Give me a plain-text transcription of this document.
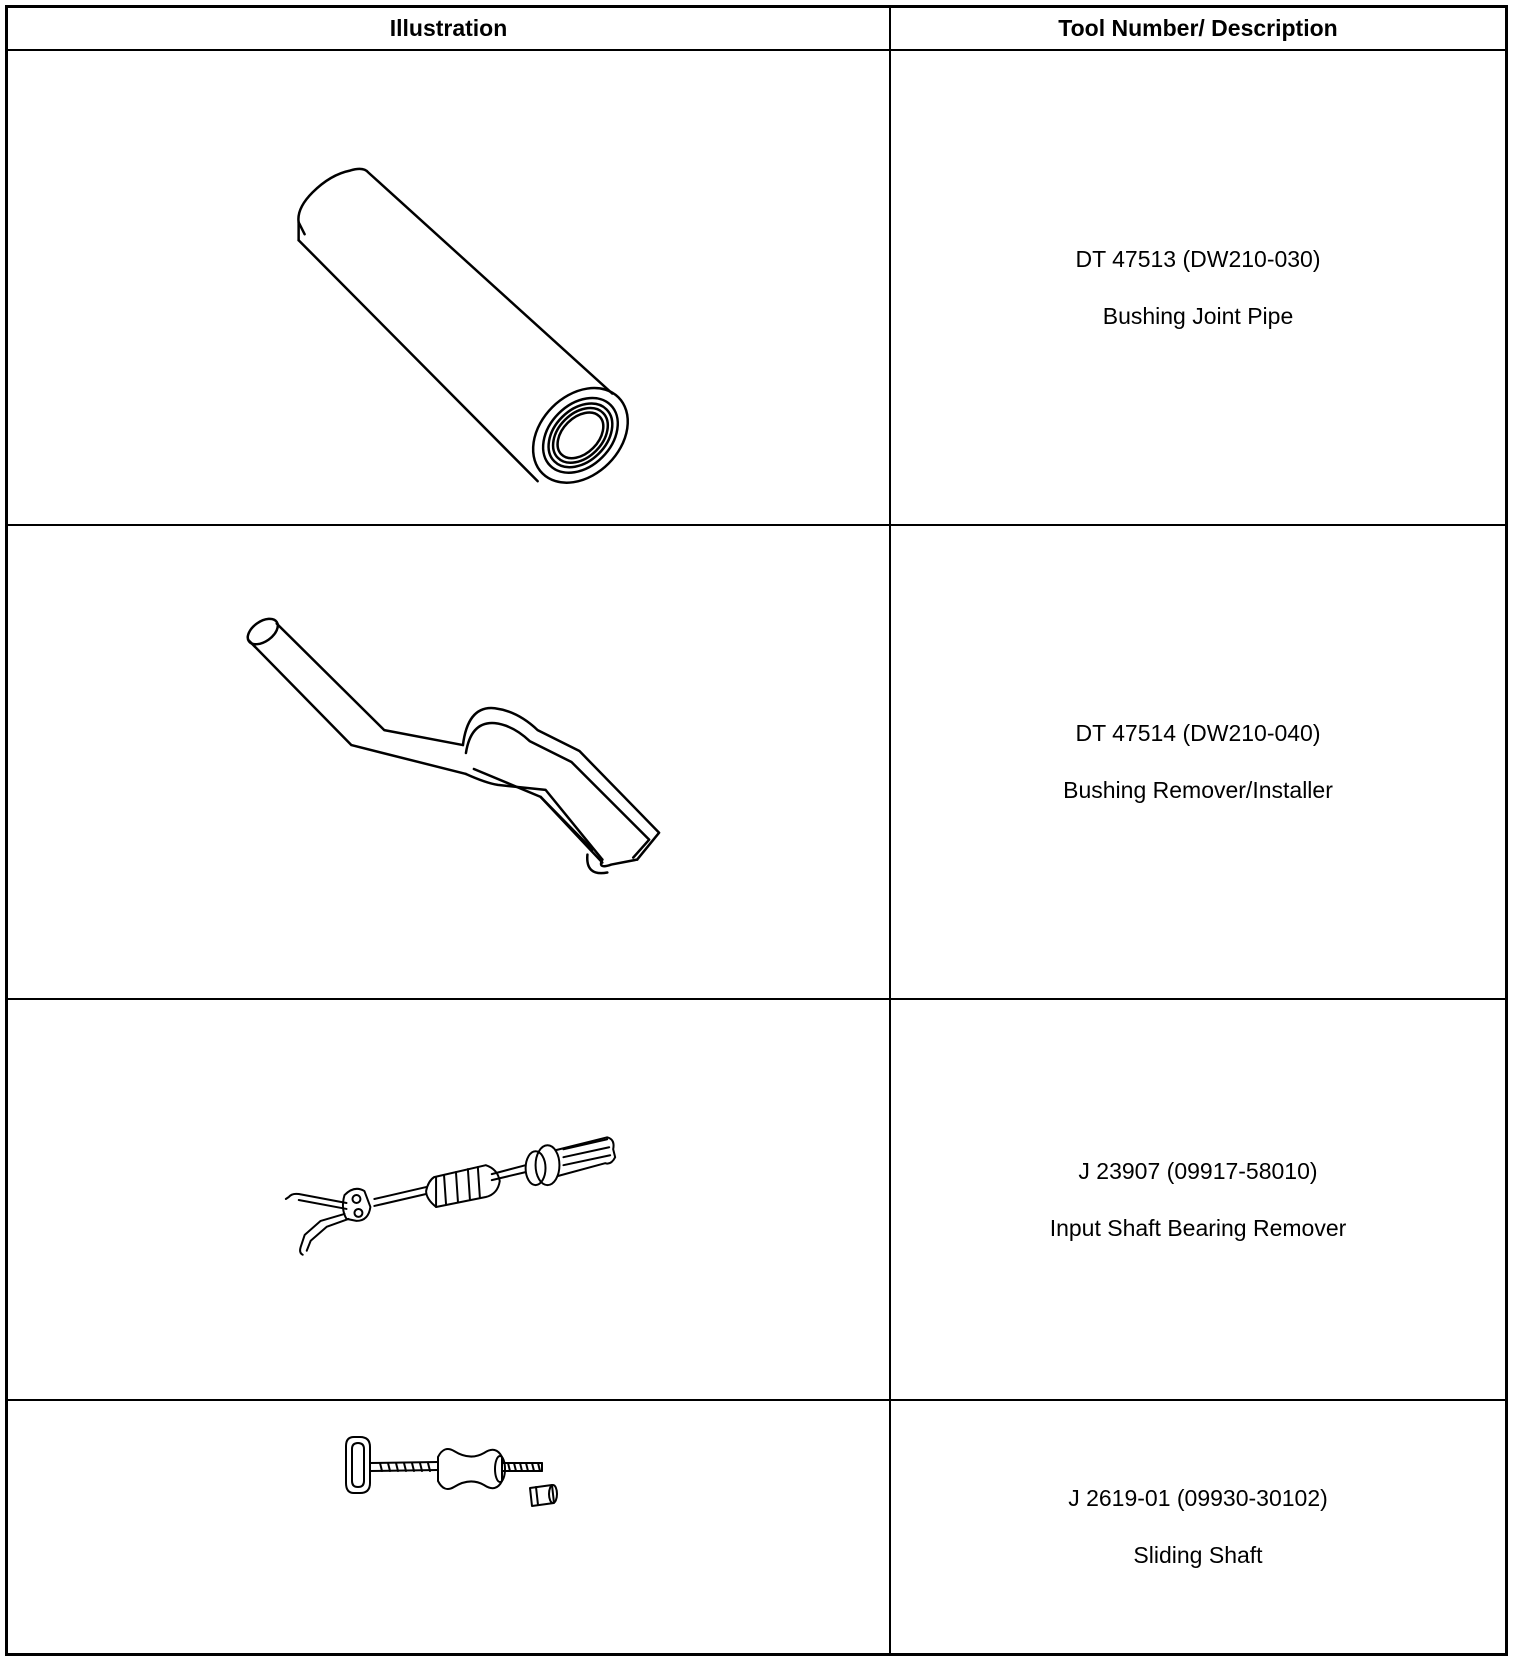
Illustration	Tool Number/ Description
DT 47513 (DW210-030)
Bushing Joint Pipe
DT 47514 (DW210-040)
Bushing Remover/Installer
J 23907 (09917-58010)
Input Shaft Bearing Remover
J 2619-01 (09930-30102)
Sliding Shaft
